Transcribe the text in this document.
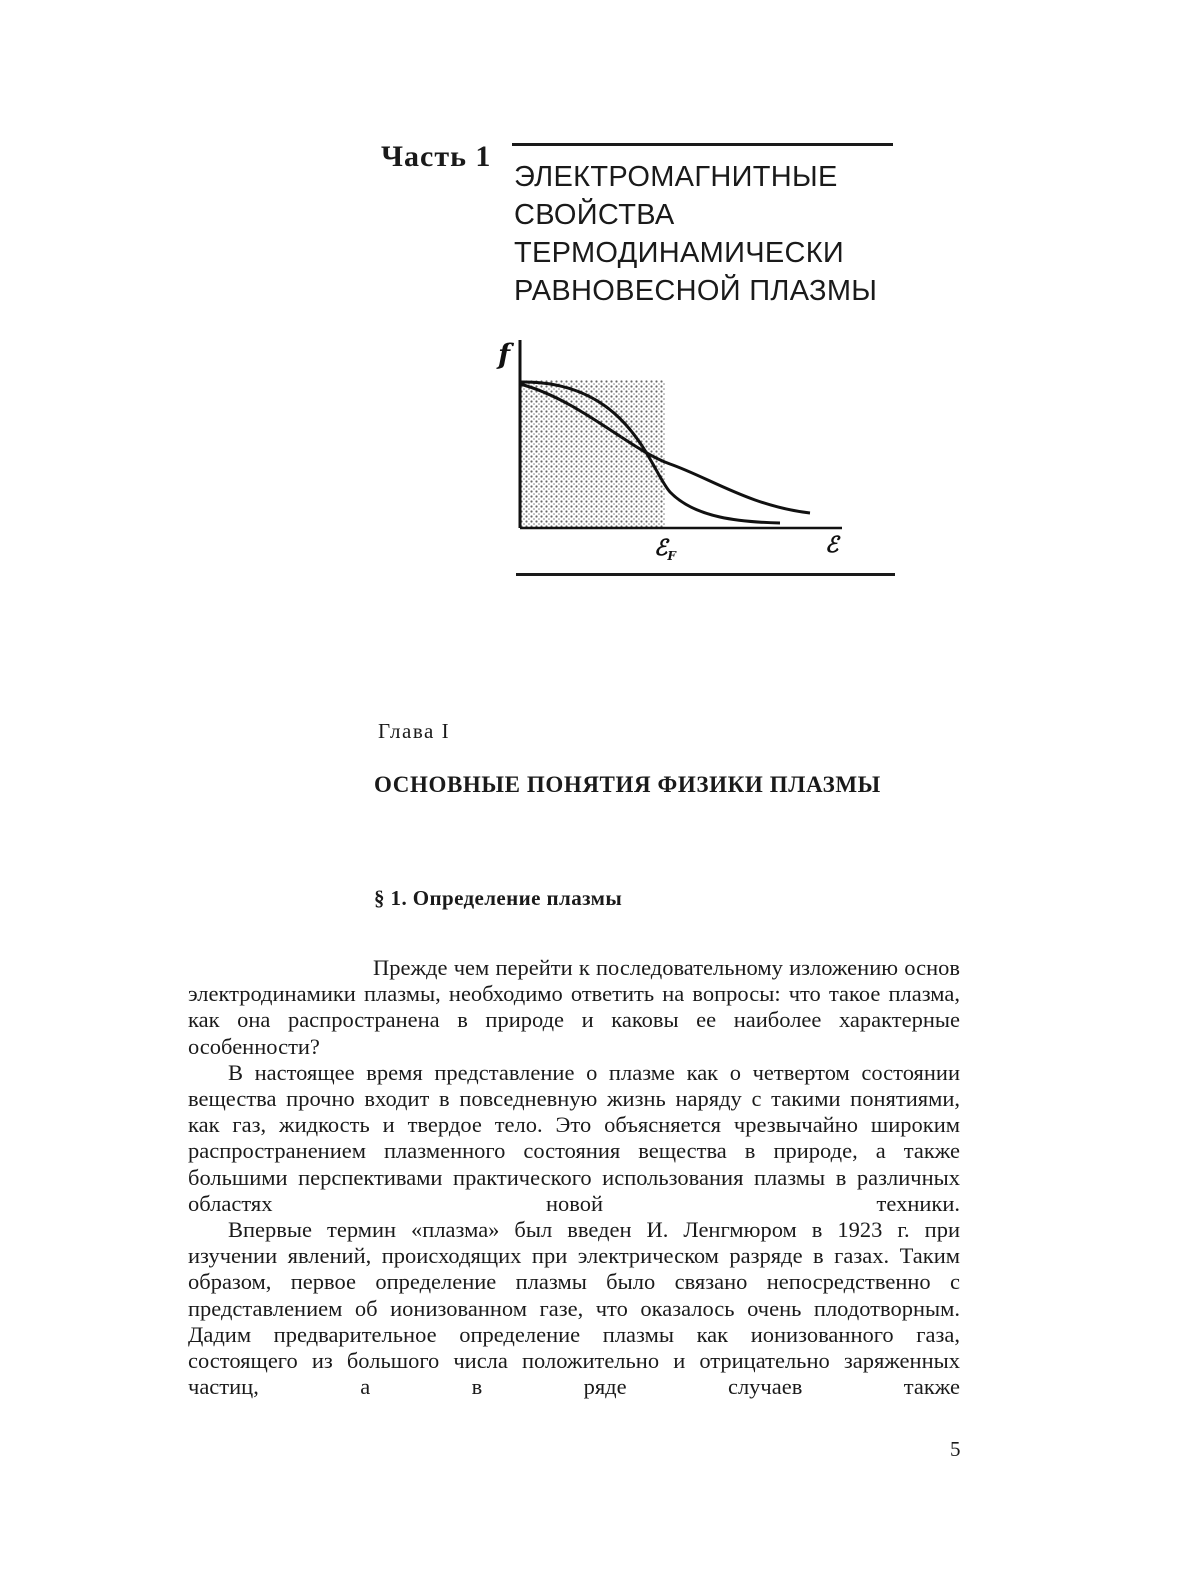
Часть 1
ЭЛЕКТРОМАГНИТНЫЕ
СВОЙСТВА
ТЕРМОДИНАМИЧЕСКИ
РАВНОВЕСНОЙ ПЛАЗМЫ
f
ℰ$_F$	ℰ
Глава I
ОСНОВНЫЕ ПОНЯТИЯ ФИЗИКИ ПЛАЗМЫ
§ 1. Определение плазмы

Прежде чем перейти к последовательному изложению основ электродинамики плазмы, необходимо ответить на вопросы: что такое плазма, как она распространена в природе и каковы ее наиболее характерные особенности?

В настоящее время представление о плазме как о четвертом состоянии вещества прочно входит в повседневную жизнь наряду с такими понятиями, как газ, жидкость и твердое тело. Это объясняется чрезвычайно широким распространением плазменного состояния вещества в природе, а также большими перспективами практического использования плазмы в различных областях новой техники.

Впервые термин «плазма» был введен И. Ленгмюром в 1923 г. при изучении явлений, происходящих при электрическом разряде в газах. Таким образом, первое определение плазмы было связано непосредственно с представлением об ионизованном газе, что оказалось очень плодотворным. Дадим предварительное определение плазмы как ионизованного газа, состоящего из большого числа положительно и отрицательно заряженных частиц, а в ряде случаев также

5
